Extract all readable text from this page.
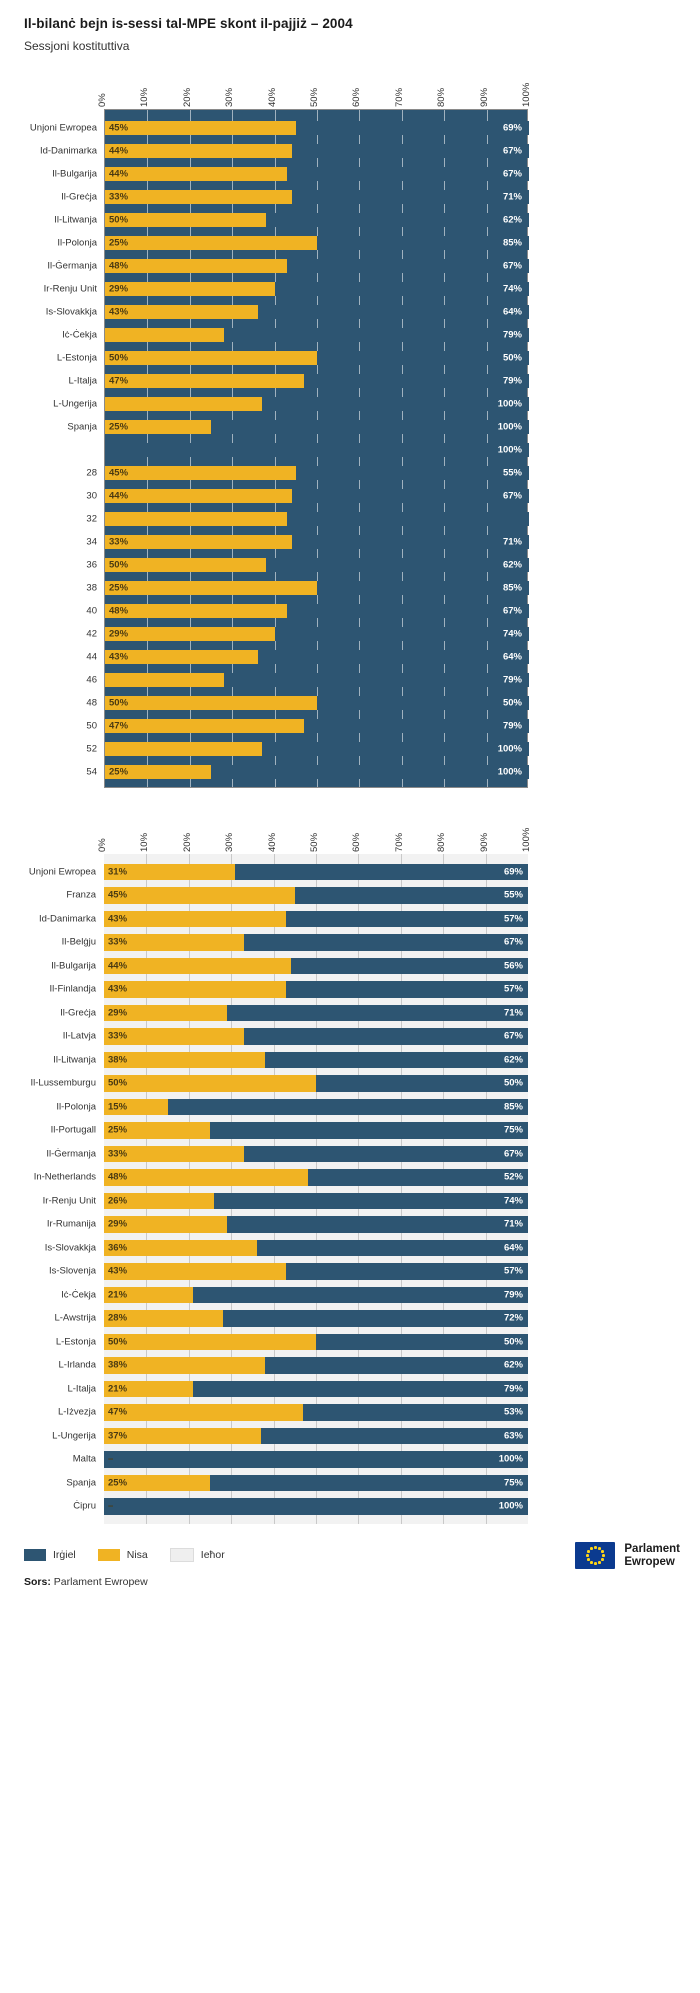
Il-bilanċ bejn is-sessi tal-MPE skont il-pajjiż – 2004
Sessjoni kostituttiva
0%	10%	20%	30%	40%	50%	60%	70%	80%	90%	100%
Unjoni Ewropea 45%	69%
Id-Danimarka 44%	67%
Il-Bulgarija 44%	67%
Il-Greċja 33%	71%
Il-Litwanja 50%	62%
Il-Polonja 25%	85%
Il-Ġermanja 48%	67%
Ir-Renju Unit 29%	74%
Is-Slovakkja 43%	64%
Iċ-Ċekja	79%
L-Estonja 50%	50%
L-Italja 47%	79%
L-Ungerija	100%
Spanja 25%	100%
100%
28 45%	55%
30 44%	67%
32
34 33%	71%
36 50%	62%
38 25%	85%
40 48%	67%
42 29%	74%
44 43%	64%
46	79%
48 50%	50%
50 47%	79%
52	100%
54 25%	100%
0%	10%	20%	30%	40%	50%	60%	70%	80%	90%	100%
Unjoni Ewropea 31%	69%
Franza 45%	55%
Id-Danimarka 43%	57%
Il-Belġju 33%	67%
Il-Bulgarija 44%	56%
Il-Finlandja 43%	57%
Il-Greċja 29%	71%
Il-Latvja 33%	67%
Il-Litwanja 38%	62%
Il-Lussemburgu 50%	50%
Il-Polonja 15%	85%
Il-Portugall 25%	75%
Il-Ġermanja 33%	67%
In-Netherlands 48%	52%
Ir-Renju Unit 26%	74%
Ir-Rumanija 29%	71%
Is-Slovakkja 36%	64%
Is-Slovenja 43%	57%
Iċ-Ċekja 21%	79%
L-Awstrija 28%	72%
L-Estonja 50%	50%
L-Irlanda 38%	62%
L-Italja 21%	79%
L-Iżvezja 47%	53%
L-Ungerija 37%	63%
Malta –	100%
Spanja 25%	75%
Ċipru –	100%
Irġiel	Nisa	Ieħor
Sors: Parlament Ewropew
Parlament
Ewropew
